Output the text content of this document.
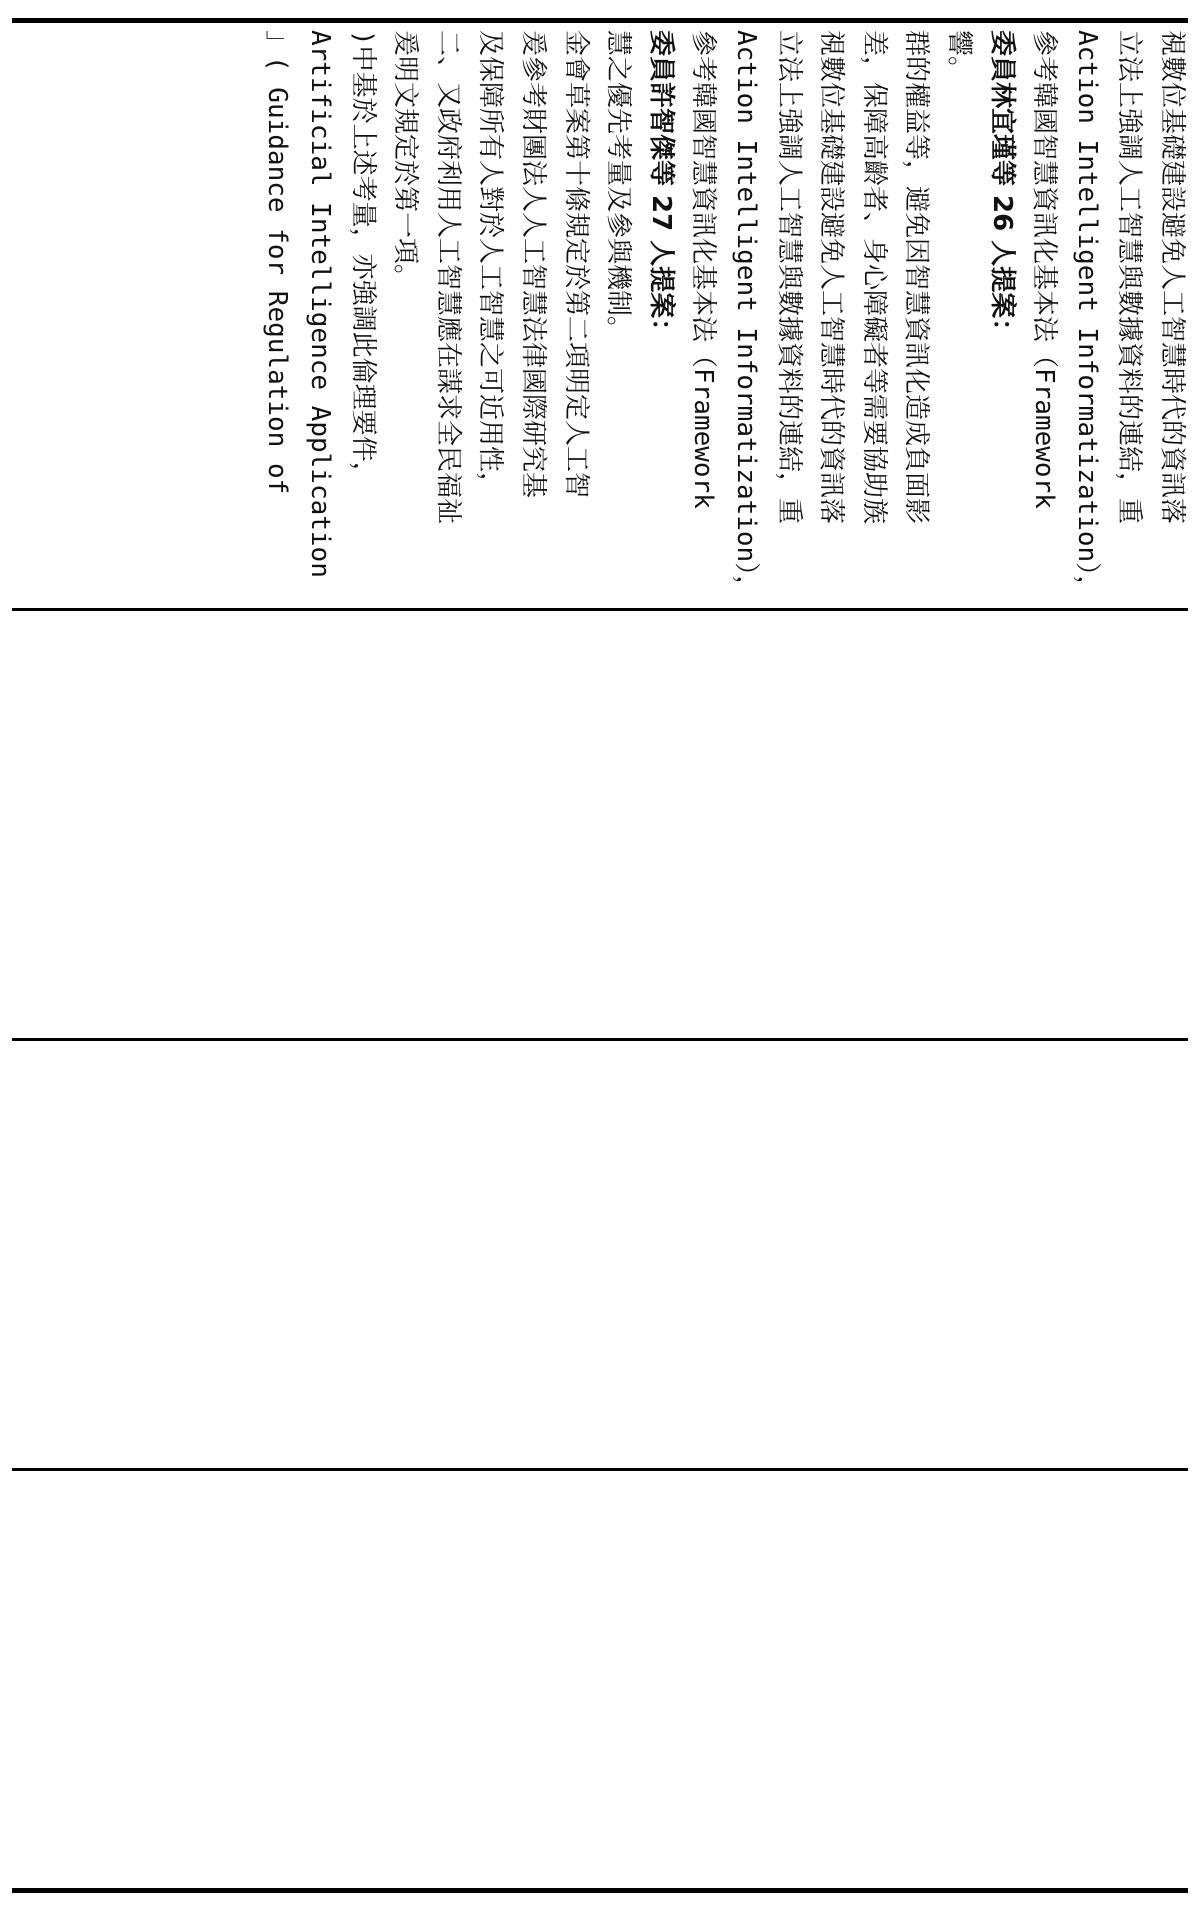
」( Guidance for Regulation of Artificial Intelligence Application )中基於上述考量，亦強調此倫理要件， 爰明文規定於第一項。 二、又政府利用人工智慧應在謀求全民福祉 及保障所有人對於人工智慧之可近用性， 爰參考財團法人人工智慧法律國際研究基 金會草案第十條規定於第二項明定人工智 慧之優先考量及參與機制。 委員許智傑等 27 人提案： 參考韓國智慧資訊化基本法（Framework Action Intelligent Informatization）， 立法上強調人工智慧與數據資料的連結，重 視數位基礎建設避免人工智慧時代的資訊落 差，保障高齡者、身心障礙者等需要協助族 群的權益等，避免因智慧資訊化造成負面影 響。 委員林宜瑾等 26 人提案： 參考韓國智慧資訊化基本法（Framework Action Intelligent Informatization）， 立法上強調人工智慧與數據資料的連結，重 視數位基礎建設避免人工智慧時代的資訊落
